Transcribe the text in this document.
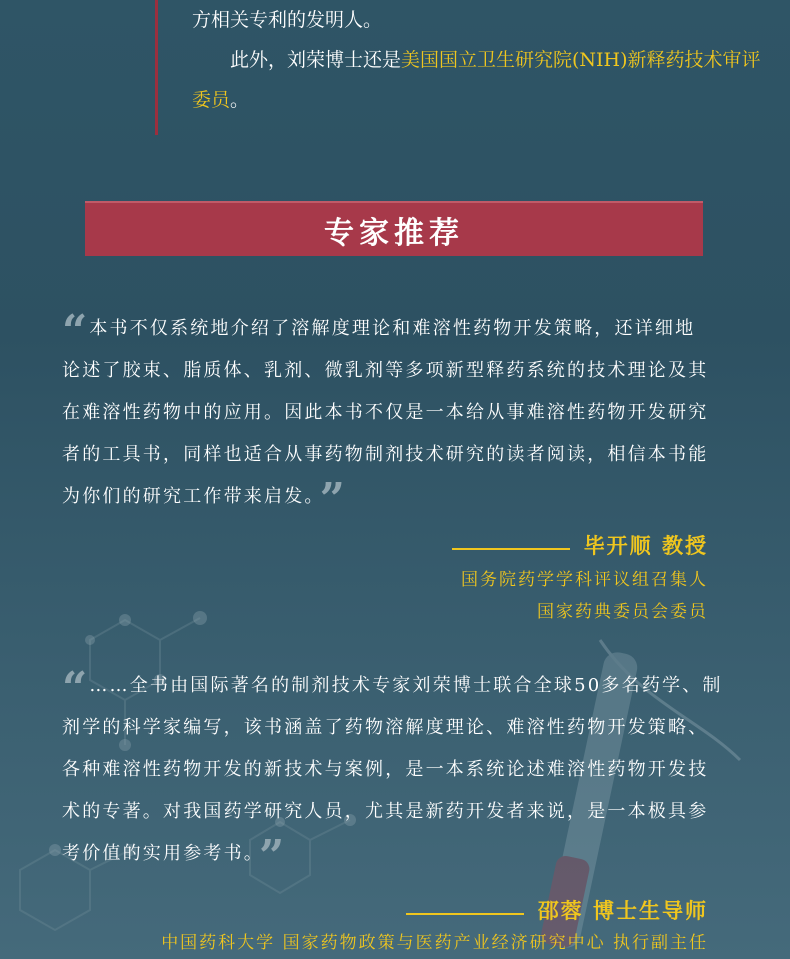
方相关专利的发明人。

此外，刘荣博士还是美国国立卫生研究院(NIH)新释药技术审评委员。

专家推荐
“ 本书不仅系统地介绍了溶解度理论和难溶性药物开发策略，还详细地论述了胶束、脂质体、乳剂、微乳剂等多项新型释药系统的技术理论及其在难溶性药物中的应用。因此本书不仅是一本给从事难溶性药物开发研究者的工具书，同样也适合从事药物制剂技术研究的读者阅读，相信本书能为你们的研究工作带来启发。”
毕开顺 教授
国务院药学学科评议组召集人
国家药典委员会委员
“ ……全书由国际著名的制剂技术专家刘荣博士联合全球50多名药学、制剂学的科学家编写，该书涵盖了药物溶解度理论、难溶性药物开发策略、各种难溶性药物开发的新技术与案例，是一本系统论述难溶性药物开发技术的专著。对我国药学研究人员，尤其是新药开发者来说，是一本极具参考价值的实用参考书。”
邵蓉 博士生导师
中国药科大学 国家药物政策与医药产业经济研究中心 执行副主任
